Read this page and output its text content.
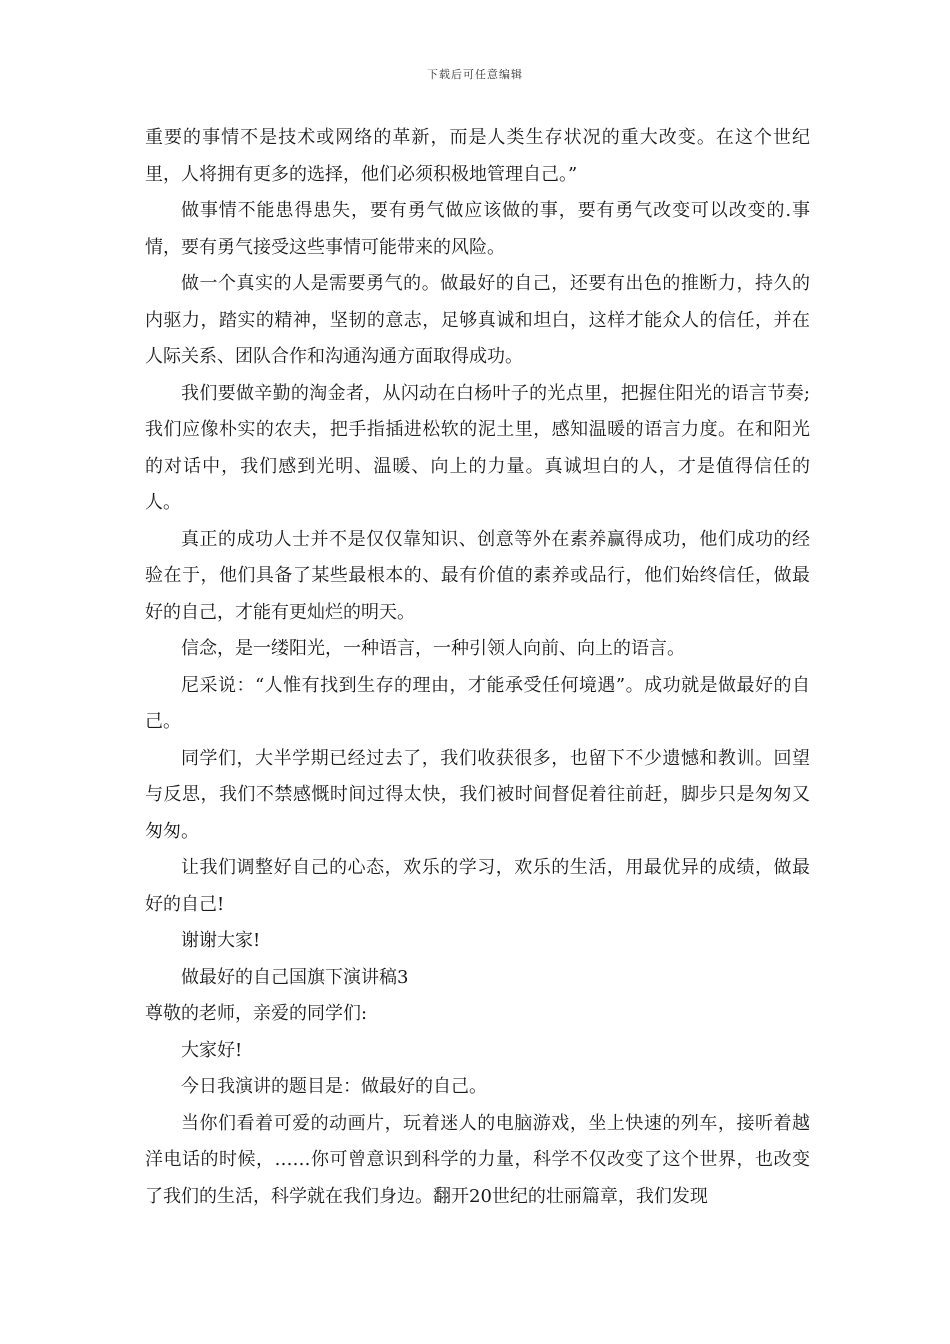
下载后可任意编辑

重要的事情不是技术或网络的革新，而是人类生存状况的重大改变。在这个世纪里，人将拥有更多的选择，他们必须积极地管理自己。”

做事情不能患得患失，要有勇气做应该做的事，要有勇气改变可以改变的.事情，要有勇气接受这些事情可能带来的风险。

做一个真实的人是需要勇气的。做最好的自己，还要有出色的推断力，持久的内驱力，踏实的精神，坚韧的意志，足够真诚和坦白，这样才能众人的信任，并在人际关系、团队合作和沟通沟通方面取得成功。

我们要做辛勤的淘金者，从闪动在白杨叶子的光点里，把握住阳光的语言节奏;我们应像朴实的农夫，把手指插进松软的泥土里，感知温暖的语言力度。在和阳光的对话中，我们感到光明、温暖、向上的力量。真诚坦白的人，才是值得信任的人。

真正的成功人士并不是仅仅靠知识、创意等外在素养赢得成功，他们成功的经验在于，他们具备了某些最根本的、最有价值的素养或品行，他们始终信任，做最好的自己，才能有更灿烂的明天。

信念，是一缕阳光，一种语言，一种引领人向前、向上的语言。

尼采说：“人惟有找到生存的理由，才能承受任何境遇”。成功就是做最好的自己。

同学们，大半学期已经过去了，我们收获很多，也留下不少遗憾和教训。回望与反思，我们不禁感慨时间过得太快，我们被时间督促着往前赶，脚步只是匆匆又匆匆。

让我们调整好自己的心态，欢乐的学习，欢乐的生活，用最优异的成绩，做最好的自己!

谢谢大家!

做最好的自己国旗下演讲稿3

尊敬的老师，亲爱的同学们:

大家好!

今日我演讲的题目是：做最好的自己。

当你们看着可爱的动画片，玩着迷人的电脑游戏，坐上快速的列车，接听着越洋电话的时候，……你可曾意识到科学的力量，科学不仅改变了这个世界，也改变了我们的生活，科学就在我们身边。翻开20世纪的壮丽篇章，我们发现
